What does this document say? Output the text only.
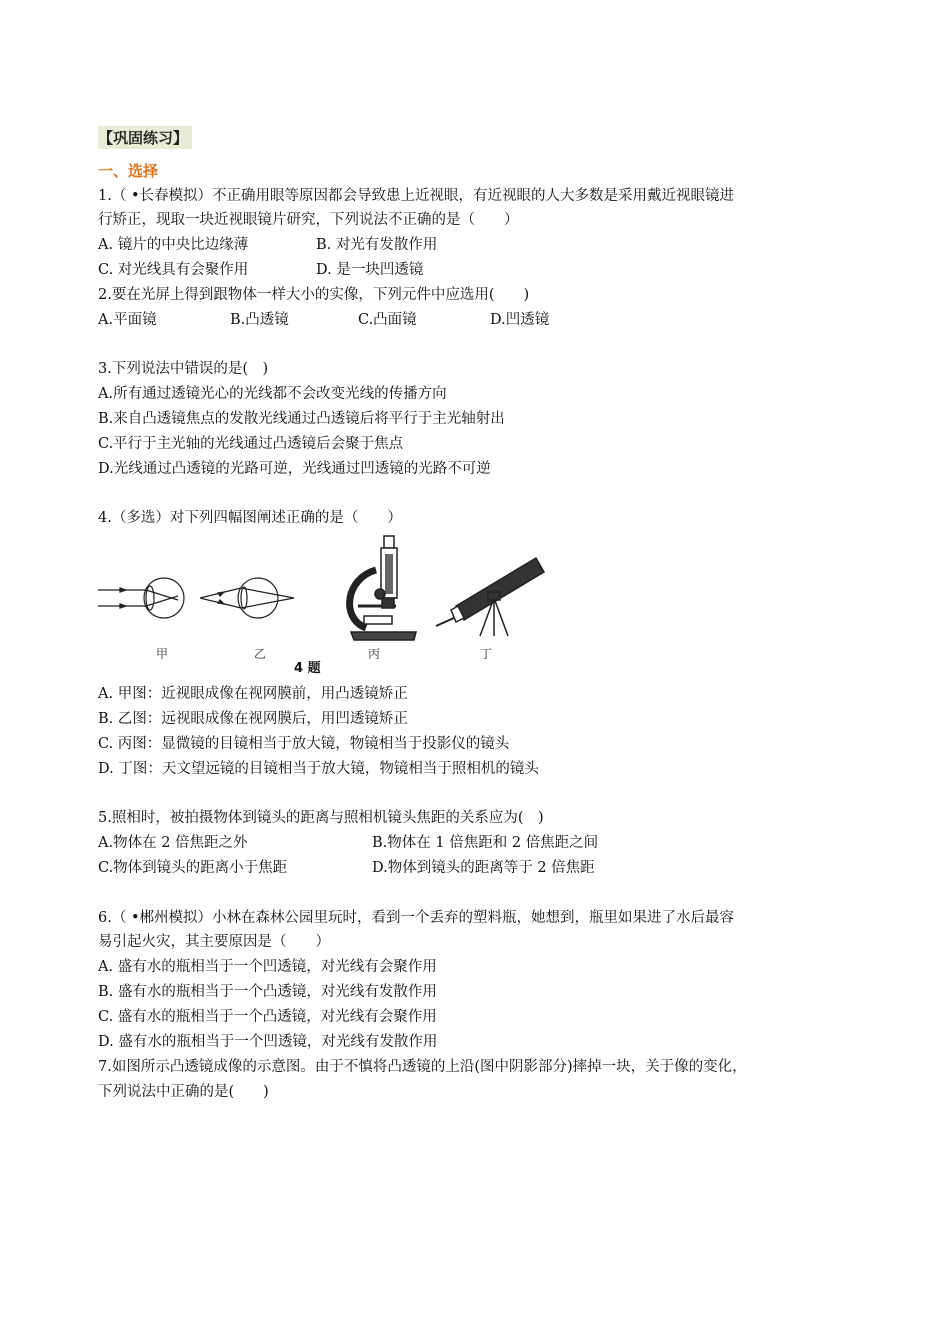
【巩固练习】
一、选择
1.（ •长春模拟）不正确用眼等原因都会导致患上近视眼，有近视眼的人大多数是采用戴近视眼镜进
行矫正，现取一块近视眼镜片研究，下列说法不正确的是（　　）
A. 镜片的中央比边缘薄	B. 对光有发散作用
C. 对光线具有会聚作用	D. 是一块凹透镜
2.要在光屏上得到跟物体一样大小的实像，下列元件中应选用(　　)
A.平面镜	B.凸透镜	C.凸面镜	D.凹透镜
3.下列说法中错误的是(　)
A.所有通过透镜光心的光线都不会改变光线的传播方向
B.来自凸透镜焦点的发散光线通过凸透镜后将平行于主光轴射出
C.平行于主光轴的光线通过凸透镜后会聚于焦点
D.光线通过凸透镜的光路可逆，光线通过凹透镜的光路不可逆
4.（多选）对下列四幅图阐述正确的是（　　）
甲	乙	丙	丁
4 题
A. 甲图：近视眼成像在视网膜前，用凸透镜矫正
B. 乙图：远视眼成像在视网膜后，用凹透镜矫正
C. 丙图：显微镜的目镜相当于放大镜，物镜相当于投影仪的镜头
D. 丁图：天文望远镜的目镜相当于放大镜，物镜相当于照相机的镜头
5.照相时，被拍摄物体到镜头的距离与照相机镜头焦距的关系应为(　)
A.物体在 2 倍焦距之外	B.物体在 1 倍焦距和 2 倍焦距之间
C.物体到镜头的距离小于焦距	D.物体到镜头的距离等于 2 倍焦距
6.（ •郴州模拟）小林在森林公园里玩时，看到一个丢弃的塑料瓶，她想到，瓶里如果进了水后最容
易引起火灾，其主要原因是（　　）
A. 盛有水的瓶相当于一个凹透镜，对光线有会聚作用
B. 盛有水的瓶相当于一个凸透镜，对光线有发散作用
C. 盛有水的瓶相当于一个凸透镜，对光线有会聚作用
D. 盛有水的瓶相当于一个凹透镜，对光线有发散作用
7.如图所示凸透镜成像的示意图。由于不慎将凸透镜的上沿(图中阴影部分)摔掉一块，关于像的变化，
下列说法中正确的是(　　)
